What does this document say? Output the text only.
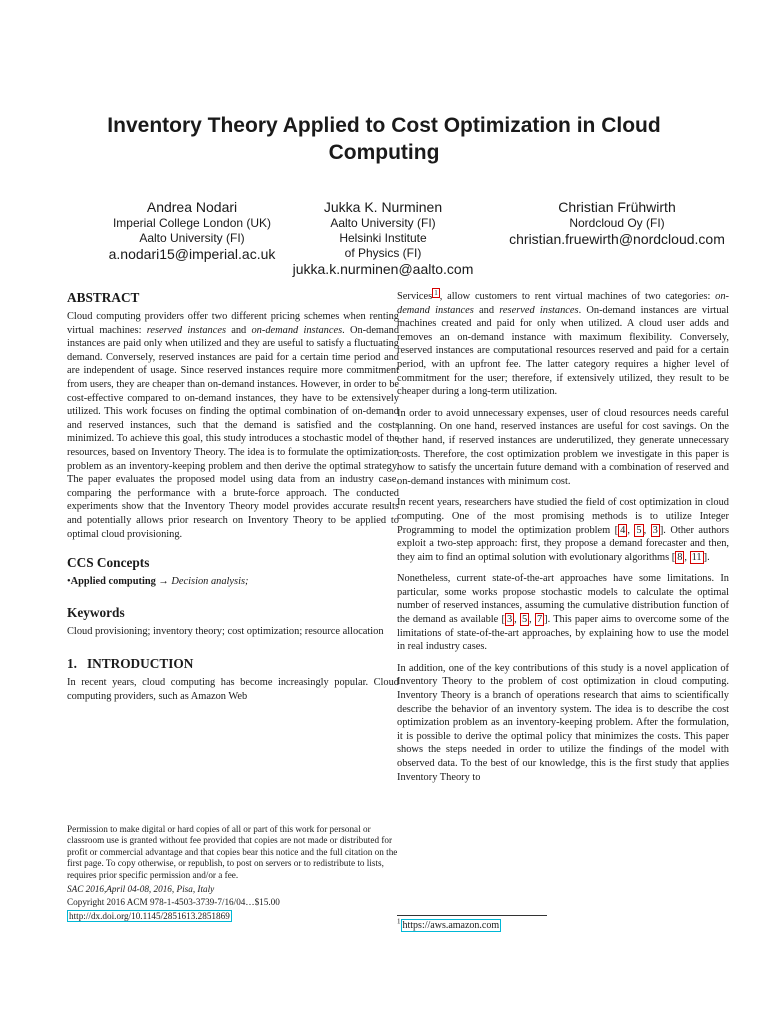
Inventory Theory Applied to Cost Optimization in Cloud Computing
Andrea Nodari
Imperial College London (UK)
Aalto University (FI)
a.nodari15@imperial.ac.uk
Jukka K. Nurminen
Aalto University (FI)
Helsinki Institute
of Physics (FI)
jukka.k.nurminen@aalto.com
Christian Frühwirth
Nordcloud Oy (FI)
christian.fruewirth@nordcloud.com
ABSTRACT

Cloud computing providers offer two different pricing schemes when renting virtual machines: reserved instances and on-demand instances. On-demand instances are paid only when utilized and they are useful to satisfy a fluctuating demand. Conversely, reserved instances are paid for a certain time period and are independent of usage. Since reserved instances require more commitment from users, they are cheaper than on-demand instances. However, in order to be cost-effective compared to on-demand instances, they have to be extensively utilized. This work focuses on finding the optimal combination of on-demand and reserved instances, such that the demand is satisfied and the costs minimized. To achieve this goal, this study introduces a stochastic model of the resources, based on Inventory Theory. The idea is to formulate the optimization problem as an inventory-keeping problem and then derive the optimal strategy. The paper evaluates the proposed model using data from an industry case, comparing the performance with a brute-force approach. The conducted experiments show that the Inventory Theory model provides accurate results and potentially allows prior research on Inventory Theory to be applied to optimal cloud provisioning.

CCS Concepts

•Applied computing → Decision analysis;

Keywords

Cloud provisioning; inventory theory; cost optimization; resource allocation

1.   INTRODUCTION

In recent years, cloud computing has become increasingly popular. Cloud computing providers, such as Amazon Web

Permission to make digital or hard copies of all or part of this work for personal or classroom use is granted without fee provided that copies are not made or distributed for profit or commercial advantage and that copies bear this notice and the full citation on the first page. To copy otherwise, or republish, to post on servers or to redistribute to lists, requires prior specific permission and/or a fee.

SAC 2016,April 04-08, 2016, Pisa, Italy

Copyright 2016 ACM 978-1-4503-3739-7/16/04…$15.00

http://dx.doi.org/10.1145/2851613.2851869

Services $^1$ , allow customers to rent virtual machines of two categories: on-demand instances and reserved instances. On-demand instances are virtual machines created and paid for only when utilized. A cloud user adds and removes an on-demand instance with maximum flexibility. Conversely, reserved instances are computational resources reserved and paid for a certain period, with an upfront fee. The latter category requires a higher level of commitment for the user; therefore, if extensively utilized, they result to be cheaper during a long-term utilization.

In order to avoid unnecessary expenses, user of cloud resources needs careful planning. On one hand, reserved instances are useful for cost savings. On the other hand, if reserved instances are underutilized, they generate unnecessary costs. Therefore, the cost optimization problem we investigate in this paper is how to satisfy the uncertain future demand with a combination of reserved and on-demand instances with minimum cost.

In recent years, researchers have studied the field of cost optimization in cloud computing. One of the most promising methods is to utilize Integer Programming to model the optimization problem [ 4 , 5 , 3 ]. Other authors exploit a two-step approach: first, they propose a demand forecaster and then, they aim to find an optimal solution with evolutionary algorithms [ 8 , 11 ].

Nonetheless, current state-of-the-art approaches have some limitations. In particular, some works propose stochastic models to calculate the optimal number of reserved instances, assuming the cumulative distribution function of the demand as available [ 3 , 5 , 7 ]. This paper aims to overcome some of the limitations of state-of-the-art approaches, by explaining how to use the model in real industry cases.

In addition, one of the key contributions of this study is a novel application of Inventory Theory to the problem of cost optimization in cloud computing. Inventory Theory is a branch of operations research that aims to scientifically describe the behavior of an inventory system. The idea is to describe the cost optimization problem as an inventory-keeping problem. After the formulation, it is possible to derive the optimal policy that minimizes the costs. This paper shows the steps needed in order to utilize the findings of the model with observed data. To the best of our knowledge, this is the first study that applies Inventory Theory to

$^1$ https://aws.amazon.com
